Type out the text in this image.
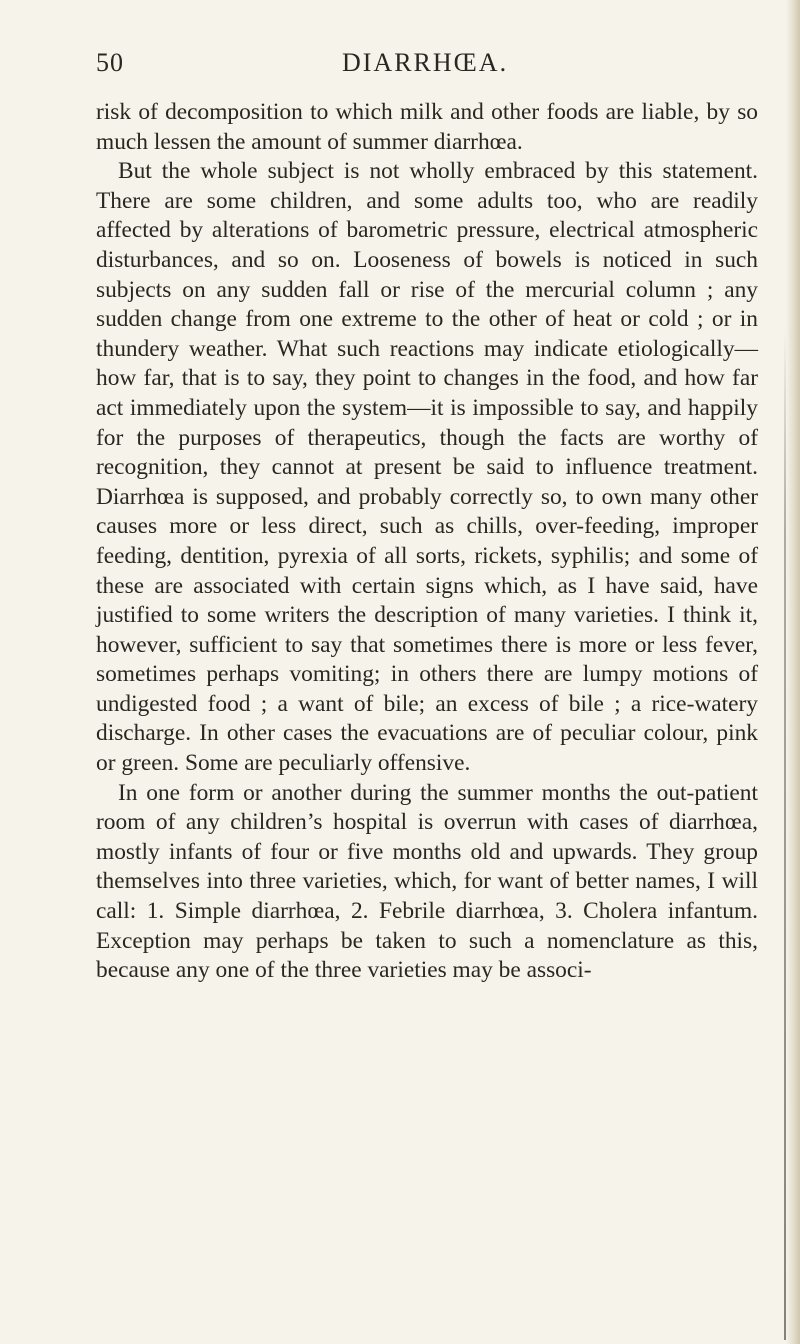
50	DIARRHŒA.

risk of decomposition to which milk and other foods are liable, by so much lessen the amount of summer diarrhœa.

But the whole subject is not wholly embraced by this statement. There are some children, and some adults too, who are readily affected by alterations of barometric pressure, electrical atmospheric disturbances, and so on. Looseness of bowels is noticed in such subjects on any sudden fall or rise of the mercurial column ; any sudden change from one extreme to the other of heat or cold ; or in thundery weather. What such reactions may indicate etiologically— how far, that is to say, they point to changes in the food, and how far act immediately upon the system—it is impossible to say, and happily for the purposes of therapeutics, though the facts are worthy of recognition, they cannot at present be said to influence treatment. Diarrhœa is supposed, and probably correctly so, to own many other causes more or less direct, such as chills, over-feeding, improper feeding, dentition, pyrexia of all sorts, rickets, syphilis; and some of these are associated with certain signs which, as I have said, have justified to some writers the description of many varieties. I think it, however, sufficient to say that sometimes there is more or less fever, sometimes perhaps vomiting; in others there are lumpy motions of undigested food ; a want of bile; an excess of bile ; a rice-watery discharge. In other cases the evacuations are of peculiar colour, pink or green. Some are peculiarly offensive.

In one form or another during the summer months the out-patient room of any children’s hospital is overrun with cases of diarrhœa, mostly infants of four or five months old and upwards. They group themselves into three varieties, which, for want of better names, I will call: 1. Simple diarrhœa, 2. Febrile diarrhœa, 3. Cholera infantum. Exception may perhaps be taken to such a nomenclature as this, because any one of the three varieties may be associ-
